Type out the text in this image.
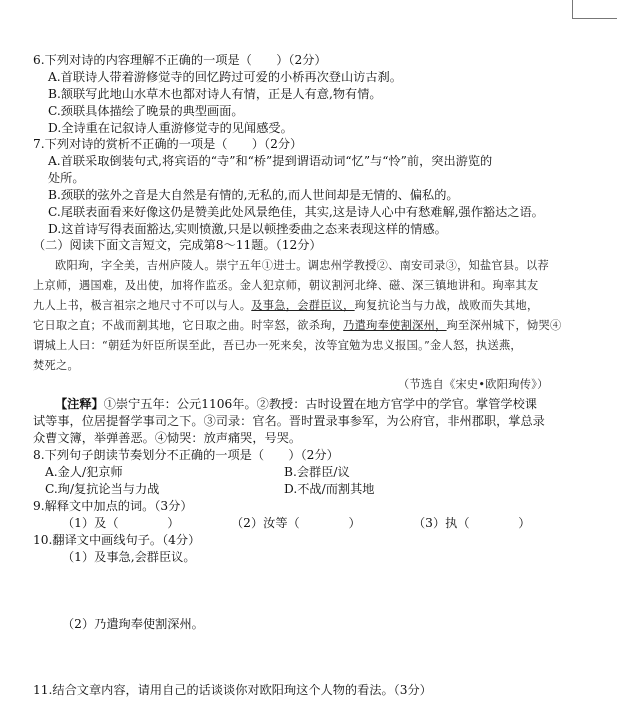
6.下列对诗的内容理解不正确的一项是（　　）（2分）
A.首联诗人带着游修觉寺的回忆跨过可爱的小桥再次登山访古刹。
B.颔联写此地山水草木也都对诗人有情，正是人有意,物有情。
C.颈联具体描绘了晚景的典型画面。
D.全诗重在记叙诗人重游修觉寺的见闻感受。
7.下列对诗的赏析不正确的一项是（　　）（2分）
A.首联采取倒装句式,将宾语的“寺”和“桥”提到谓语动词“忆”与“怜”前，突出游览的
处所。
B.颈联的弦外之音是大自然是有情的,无私的,而人世间却是无情的、偏私的。
C.尾联表面看来好像这仍是赞美此处风景绝佳，其实,这是诗人心中有愁难解,强作豁达之语。
D.这首诗写得表面豁达,实则愤激,只是以顿挫委曲之态来表现这样的情感。
（二）阅读下面文言短文，完成第8～11题。（12分）
欧阳珣，字全美，吉州庐陵人。崇宁五年①进士。调忠州学教授②、南安司录③，知盐官县。以荐
上京师，遇国难，及出使，加将作监丞。金人犯京师，朝议割河北绛、磁、深三镇地讲和。珣率其友
九人上书，极言祖宗之地尺寸不可以与人。及事急，会群臣议，珣复抗论当与力战，战败而失其地，
它日取之直；不战而割其地，它日取之曲。时宰怒，欲杀珣，乃遣珣奉使割深州，珣至深州城下，恸哭④
谓城上人曰：“朝廷为奸臣所误至此，吾已办一死来矣，汝等宜勉为忠义报国。”金人怒，执送燕，
焚死之。
（节选自《宋史•欧阳珣传》）
【注释】①崇宁五年：公元1106年。②教授：古时设置在地方官学中的学官。掌管学校课
试等事，位居提督学事司之下。③司录：官名。晋时置录事参军，为公府官，非州郡职，掌总录
众曹文簿，举弹善恶。④恸哭：放声痛哭，号哭。
8.下列句子朗读节奏划分不正确的一项是（　　）（2分）
A.金人/犯京师	B.会群臣/议
C.珣/复抗论当与力战	D.不战/而割其地
9.解释文中加点的词。（3分）
（1）及（　　　　）	（2）汝等（　　　　）	（3）执（　　　　）
10.翻译文中画线句子。（4分）
（1）及事急,会群臣议。
（2）乃遣珣奉使割深州。
11.结合文章内容，请用自己的话谈谈你对欧阳珣这个人物的看法。（3分）
